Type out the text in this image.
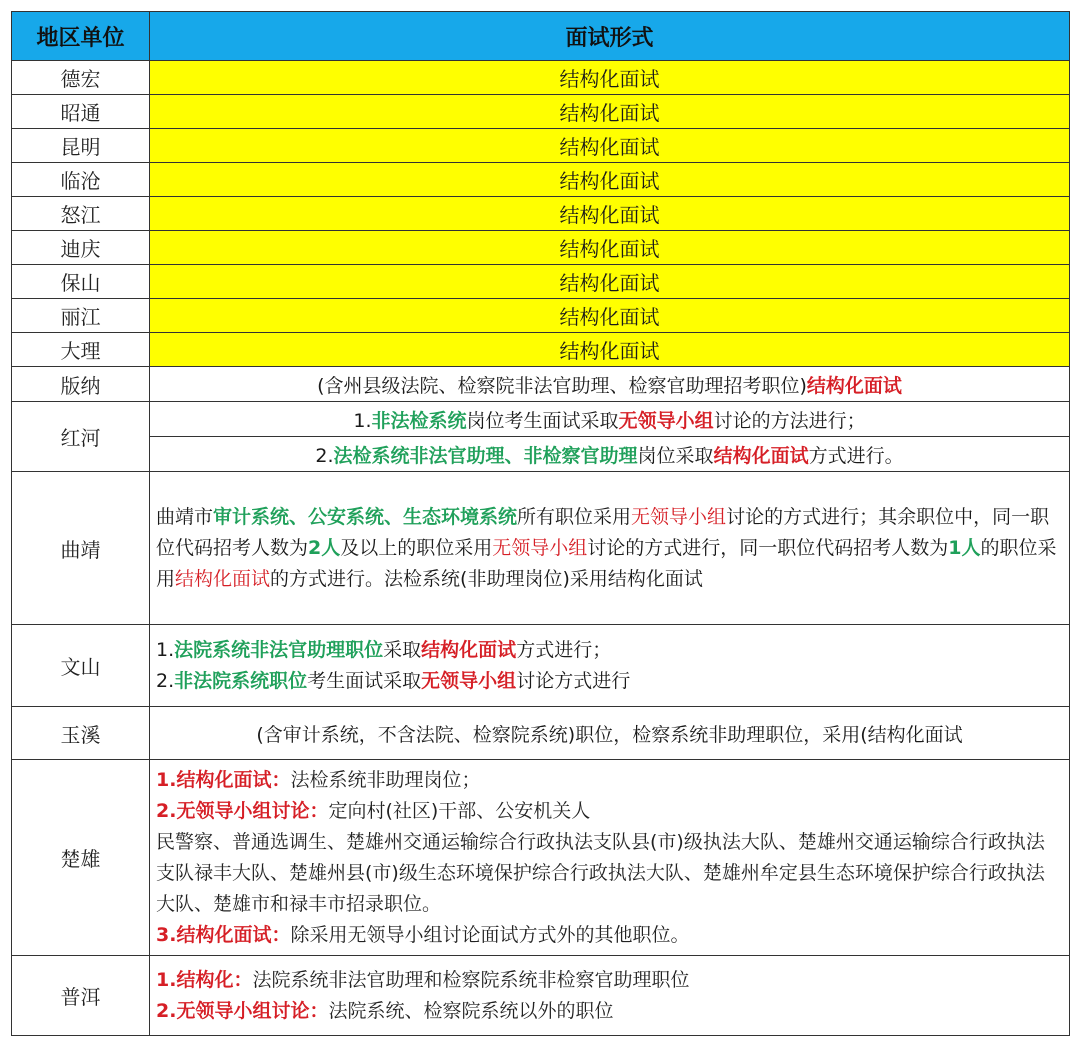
地区单位	面试形式
德宏	结构化面试
昭通	结构化面试
昆明	结构化面试
临沧	结构化面试
怒江	结构化面试
迪庆	结构化面试
保山	结构化面试
丽江	结构化面试
大理	结构化面试
版纳	(含州县级法院、检察院非法官助理、检察官助理招考职位)结构化面试
红河	1.非法检系统岗位考生面试采取无领导小组讨论的方法进行；
	2.法检系统非法官助理、非检察官助理岗位采取结构化面试方式进行。
曲靖	曲靖市审计系统、公安系统、生态环境系统所有职位采用无领导小组讨论的方式进行；其余职位中，同一职位代码招考人数为2人及以上的职位采用无领导小组讨论的方式进行，同一职位代码招考人数为1人的职位采用结构化面试的方式进行。法检系统(非助理岗位)采用结构化面试
文山	1.法院系统非法官助理职位采取结构化面试方式进行；
2.非法院系统职位考生面试采取无领导小组讨论方式进行

玉溪	(含审计系统，不含法院、检察院系统)职位，检察系统非助理职位，采用(结构化面试
楚雄	1.结构化面试：法检系统非助理岗位；
2.无领导小组讨论：定向村(社区)干部、公安机关人
民警察、普通选调生、楚雄州交通运输综合行政执法支队县(市)级执法大队、楚雄州交通运输综合行政执法支队禄丰大队、楚雄州县(市)级生态环境保护综合行政执法大队、楚雄州牟定县生态环境保护综合行政执法大队、楚雄市和禄丰市招录职位。
3.结构化面试：除采用无领导小组讨论面试方式外的其他职位。

普洱	1.结构化：法院系统非法官助理和检察院系统非检察官助理职位
2.无领导小组讨论：法院系统、检察院系统以外的职位
